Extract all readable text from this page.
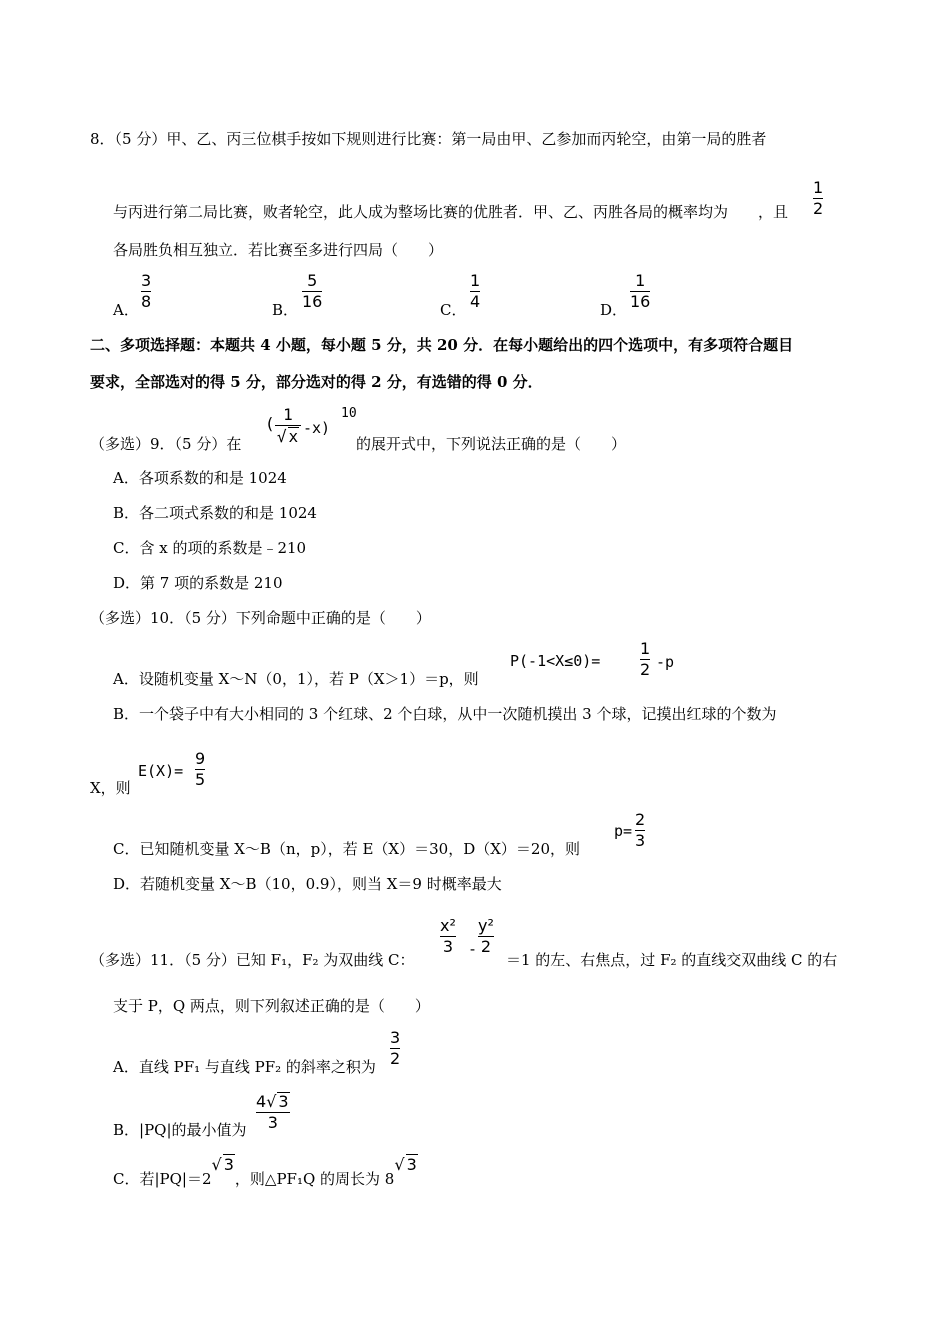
8．（5 分）甲、乙、丙三位棋手按如下规则进行比赛：第一局由甲、乙参加而丙轮空，由第一局的胜者
与丙进行第二局比赛，败者轮空，此人成为整场比赛的优胜者．甲、乙、丙胜各局的概率均为 ，且
1
2
各局胜负相互独立．若比赛至多进行四局（　　）
A．
3
8	B．
5
16	C．
1
4	D．
1
16
二、多项选择题：本题共 4 小题，每小题 5 分，共 20 分．在每小题给出的四个选项中，有多项符合题目
要求，全部选对的得 5 分，部分选对的得 2 分，有选错的得 0 分．
（多选）9．（5 分）在
( 1
√ x -x)
10
的展开式中，下列说法正确的是（　　）
A．各项系数的和是 1024
B．各二项式系数的和是 1024
C．含 x 的项的系数是﹣210
D．第 7 项的系数是 210
（多选）10．（5 分）下列命题中正确的是（　　）
A．设随机变量 X～N（0，1），若 P（X＞1）＝p，则
P(-1<X≤0)=
1
2 -p
B．一个袋子中有大小相同的 3 个红球、2 个白球，从中一次随机摸出 3 个球，记摸出红球的个数为
X，则
E(X)=
9
5
C．已知随机变量 X～B（n，p），若 E（X）＝30，D（X）＝20，则
p=
2
3
D．若随机变量 X～B（10，0.9），则当 X＝9 时概率最大
（多选）11．（5 分）已知 F₁，F₂ 为双曲线 C：
x²
3 -
y²
2
＝1 的左、右焦点，过 F₂ 的直线交双曲线 C 的右
支于 P，Q 两点，则下列叙述正确的是（　　）
A．直线 PF₁ 与直线 PF₂ 的斜率之积为
3
2
B．|PQ|的最小值为
4√ 3
3
C．若|PQ|＝2√ 3，则△PF₁Q 的周长为 8√ 3
